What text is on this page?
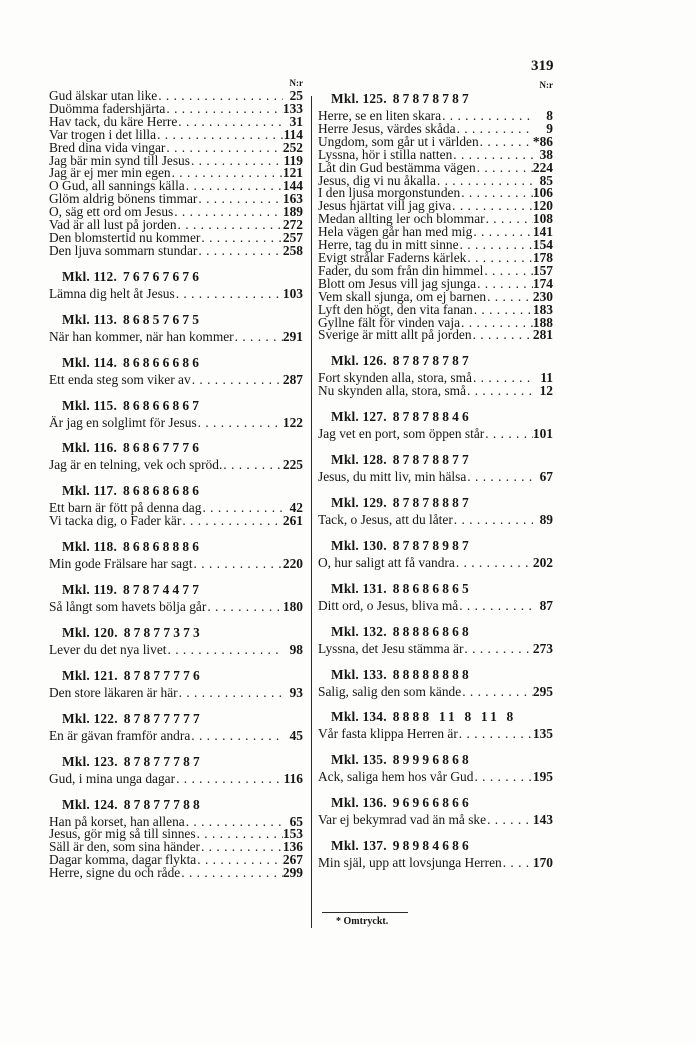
319
N:r
Gud älskar utan like . . .	25
Duömma fadershjärta . . .	133
Hav tack, du käre Herre . . .	31
Var trogen i det lilla . . .	114
Bred dina vida vingar . . .	252
Jag bär min synd till Jesus . . .	119
Jag är ej mer min egen . . .	121
O Gud, all sannings källa . . .	144
Glöm aldrig bönens timmar . . .	163
O, säg ett ord om Jesus . . .	189
Vad är all lust på jorden . . .	272
Den blomstertid nu kommer . . .	257
Den ljuva sommarn stundar . . .	258
Mkl. 112. 76767676
Lämna dig helt åt Jesus . . .	103
Mkl. 113. 86857675
När han kommer, när han kommer . . .	291
Mkl. 114. 86866686
Ett enda steg som viker av . . .	287
Mkl. 115. 86866867
Är jag en solglimt för Jesus . . .	122
Mkl. 116. 86867776
Jag är en telning, vek och spröd. . . .	225
Mkl. 117. 86868686
Ett barn är fött på denna dag . . .	42
Vi tacka dig, o Fader kär . . .	261
Mkl. 118. 86868886
Min gode Frälsare har sagt . . .	220
Mkl. 119. 87874477
Så långt som havets bölja går . . .	180
Mkl. 120. 87877373
Lever du det nya livet . . .	98
Mkl. 121. 87877776
Den store läkaren är här . . .	93
Mkl. 122. 87877777
En är gävan framför andra . . .	45
Mkl. 123. 87877787
Gud, i mina unga dagar . . .	116
Mkl. 124. 87877788
Han på korset, han allena . . .	65
Jesus, gör mig så till sinnes . . .	153
Säll är den, som sina händer . . .	136
Dagar komma, dagar flykta . . .	267
Herre, signe du och råde . . .	299
N:r
Mkl. 125. 87878787
Herre, se en liten skara . . .	8
Herre Jesus, värdes skåda . . .	9
Ungdom, som går ut i världen . . .	*86
Lyssna, hör i stilla natten . . .	38
Låt din Gud bestämma vägen . . .	224
Jesus, dig vi nu åkalla . . .	85
I den ljusa morgonstunden . . .	106
Jesus hjärtat vill jag giva . . .	120
Medan allting ler och blommar . . .	108
Hela vägen går han med mig . . .	141
Herre, tag du in mitt sinne . . .	154
Evigt strålar Faderns kärlek . . .	178
Fader, du som från din himmel . . .	157
Blott om Jesus vill jag sjunga . . .	174
Vem skall sjunga, om ej barnen . . .	230
Lyft den högt, den vita fanan . . .	183
Gyllne fält för vinden vaja . . .	188
Sverige är mitt allt på jorden . . .	281
Mkl. 126. 87878787
Fort skynden alla, stora, små . . .	11
Nu skynden alla, stora, små . . .	12
Mkl. 127. 87878846
Jag vet en port, som öppen står . . .	101
Mkl. 128. 87878877
Jesus, du mitt liv, min hälsa . . .	67
Mkl. 129. 87878887
Tack, o Jesus, att du låter . . .	89
Mkl. 130. 87878987
O, hur saligt att få vandra . . .	202
Mkl. 131. 88686865
Ditt ord, o Jesus, bliva må . . .	87
Mkl. 132. 88886868
Lyssna, det Jesu stämma är . . .	273
Mkl. 133. 88888888
Salig, salig den som kände . . .	295
Mkl. 134. 8888 11 8 11 8
Vår fasta klippa Herren är . . .	135
Mkl. 135. 89996868
Ack, saliga hem hos vår Gud . . .	195
Mkl. 136. 96966866
Var ej bekymrad vad än må ske . . .	143
Mkl. 137. 98984686
Min själ, upp att lovsjunga Herren . . . 170
* Omtryckt.
